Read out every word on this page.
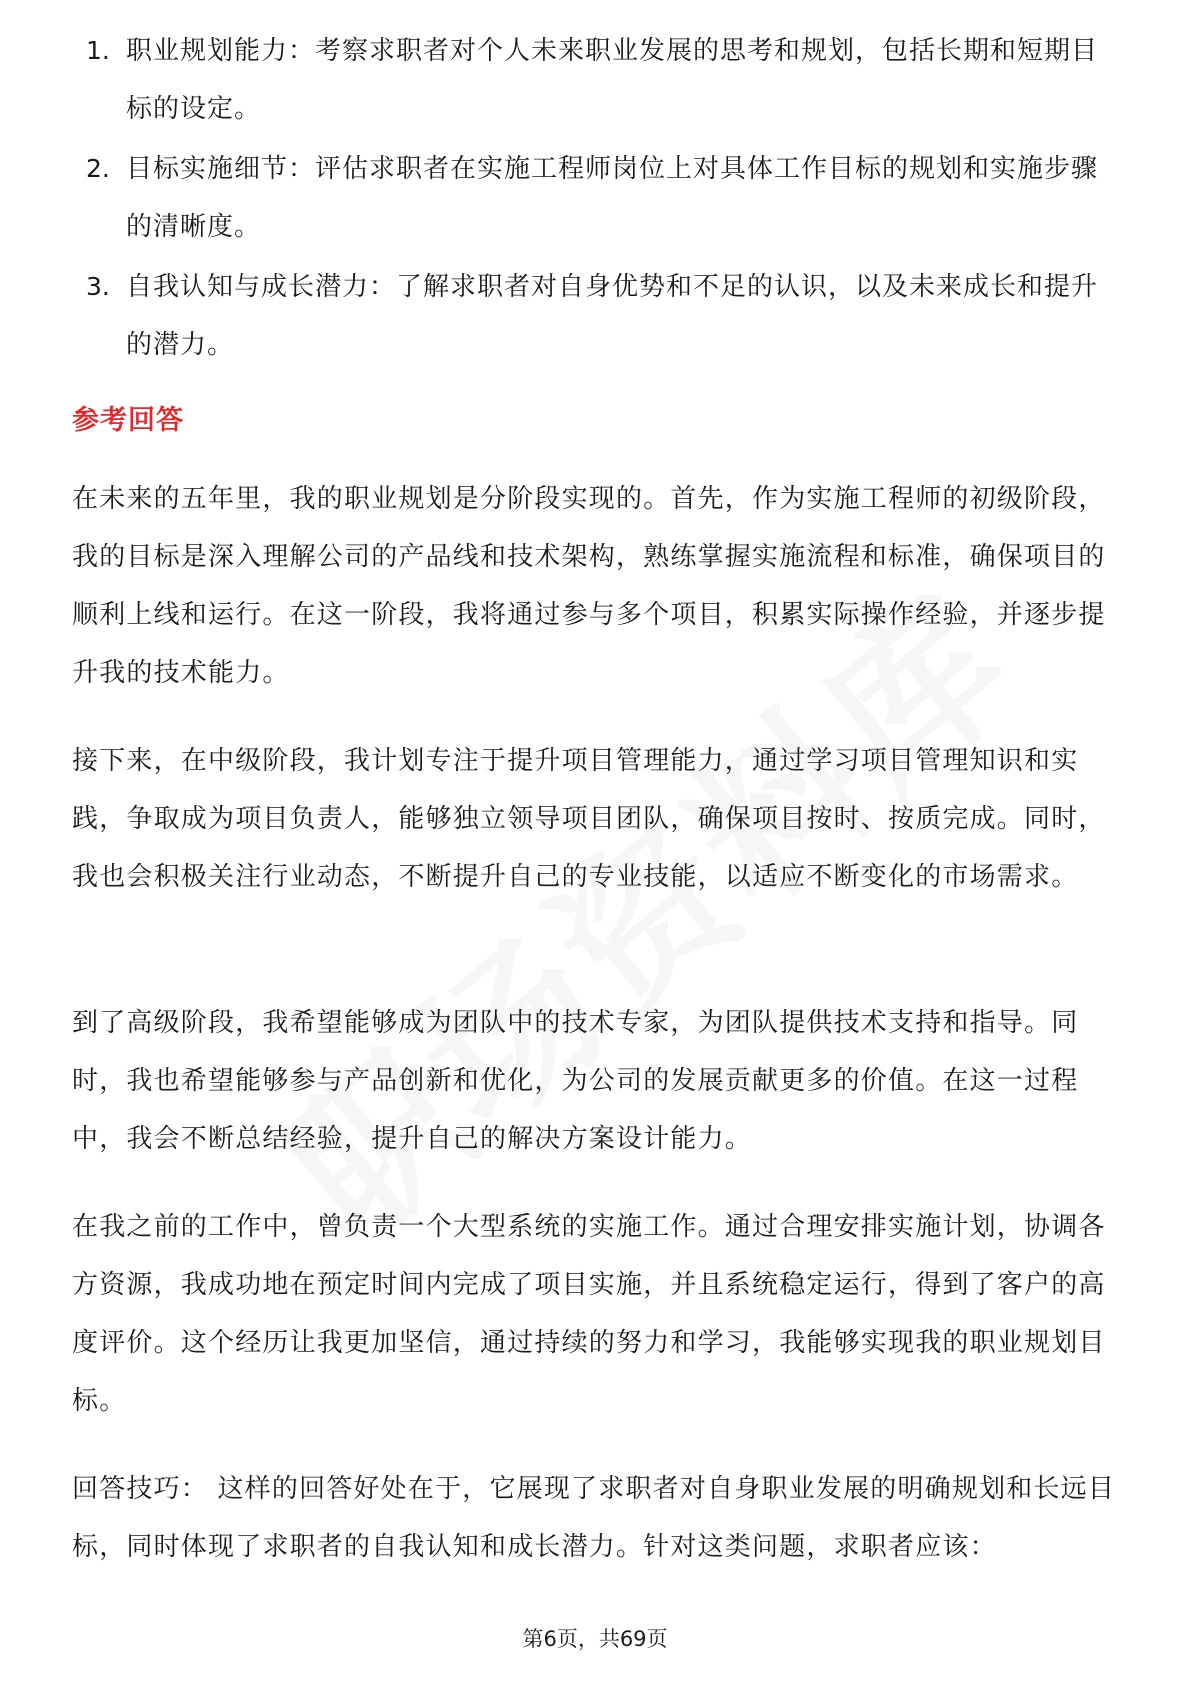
1. 职业规划能力：考察求职者对个人未来职业发展的思考和规划，包括长期和短期目标的设定。
2. 目标实施细节：评估求职者在实施工程师岗位上对具体工作目标的规划和实施步骤的清晰度。
3. 自我认知与成长潜力：了解求职者对自身优势和不足的认识，以及未来成长和提升的潜力。
参考回答
在未来的五年里，我的职业规划是分阶段实现的。首先，作为实施工程师的初级阶段，我的目标是深入理解公司的产品线和技术架构，熟练掌握实施流程和标准，确保项目的顺利上线和运行。在这一阶段，我将通过参与多个项目，积累实际操作经验，并逐步提升我的技术能力。
接下来，在中级阶段，我计划专注于提升项目管理能力，通过学习项目管理知识和实践，争取成为项目负责人，能够独立领导项目团队，确保项目按时、按质完成。同时，我也会积极关注行业动态，不断提升自己的专业技能，以适应不断变化的市场需求。
到了高级阶段，我希望能够成为团队中的技术专家，为团队提供技术支持和指导。同时，我也希望能够参与产品创新和优化，为公司的发展贡献更多的价值。在这一过程中，我会不断总结经验，提升自己的解决方案设计能力。
在我之前的工作中，曾负责一个大型系统的实施工作。通过合理安排实施计划，协调各方资源，我成功地在预定时间内完成了项目实施，并且系统稳定运行，得到了客户的高度评价。这个经历让我更加坚信，通过持续的努力和学习，我能够实现我的职业规划目标。
回答技巧： 这样的回答好处在于，它展现了求职者对自身职业发展的明确规划和长远目标，同时体现了求职者的自我认知和成长潜力。针对这类问题，求职者应该：
第6页，共69页
